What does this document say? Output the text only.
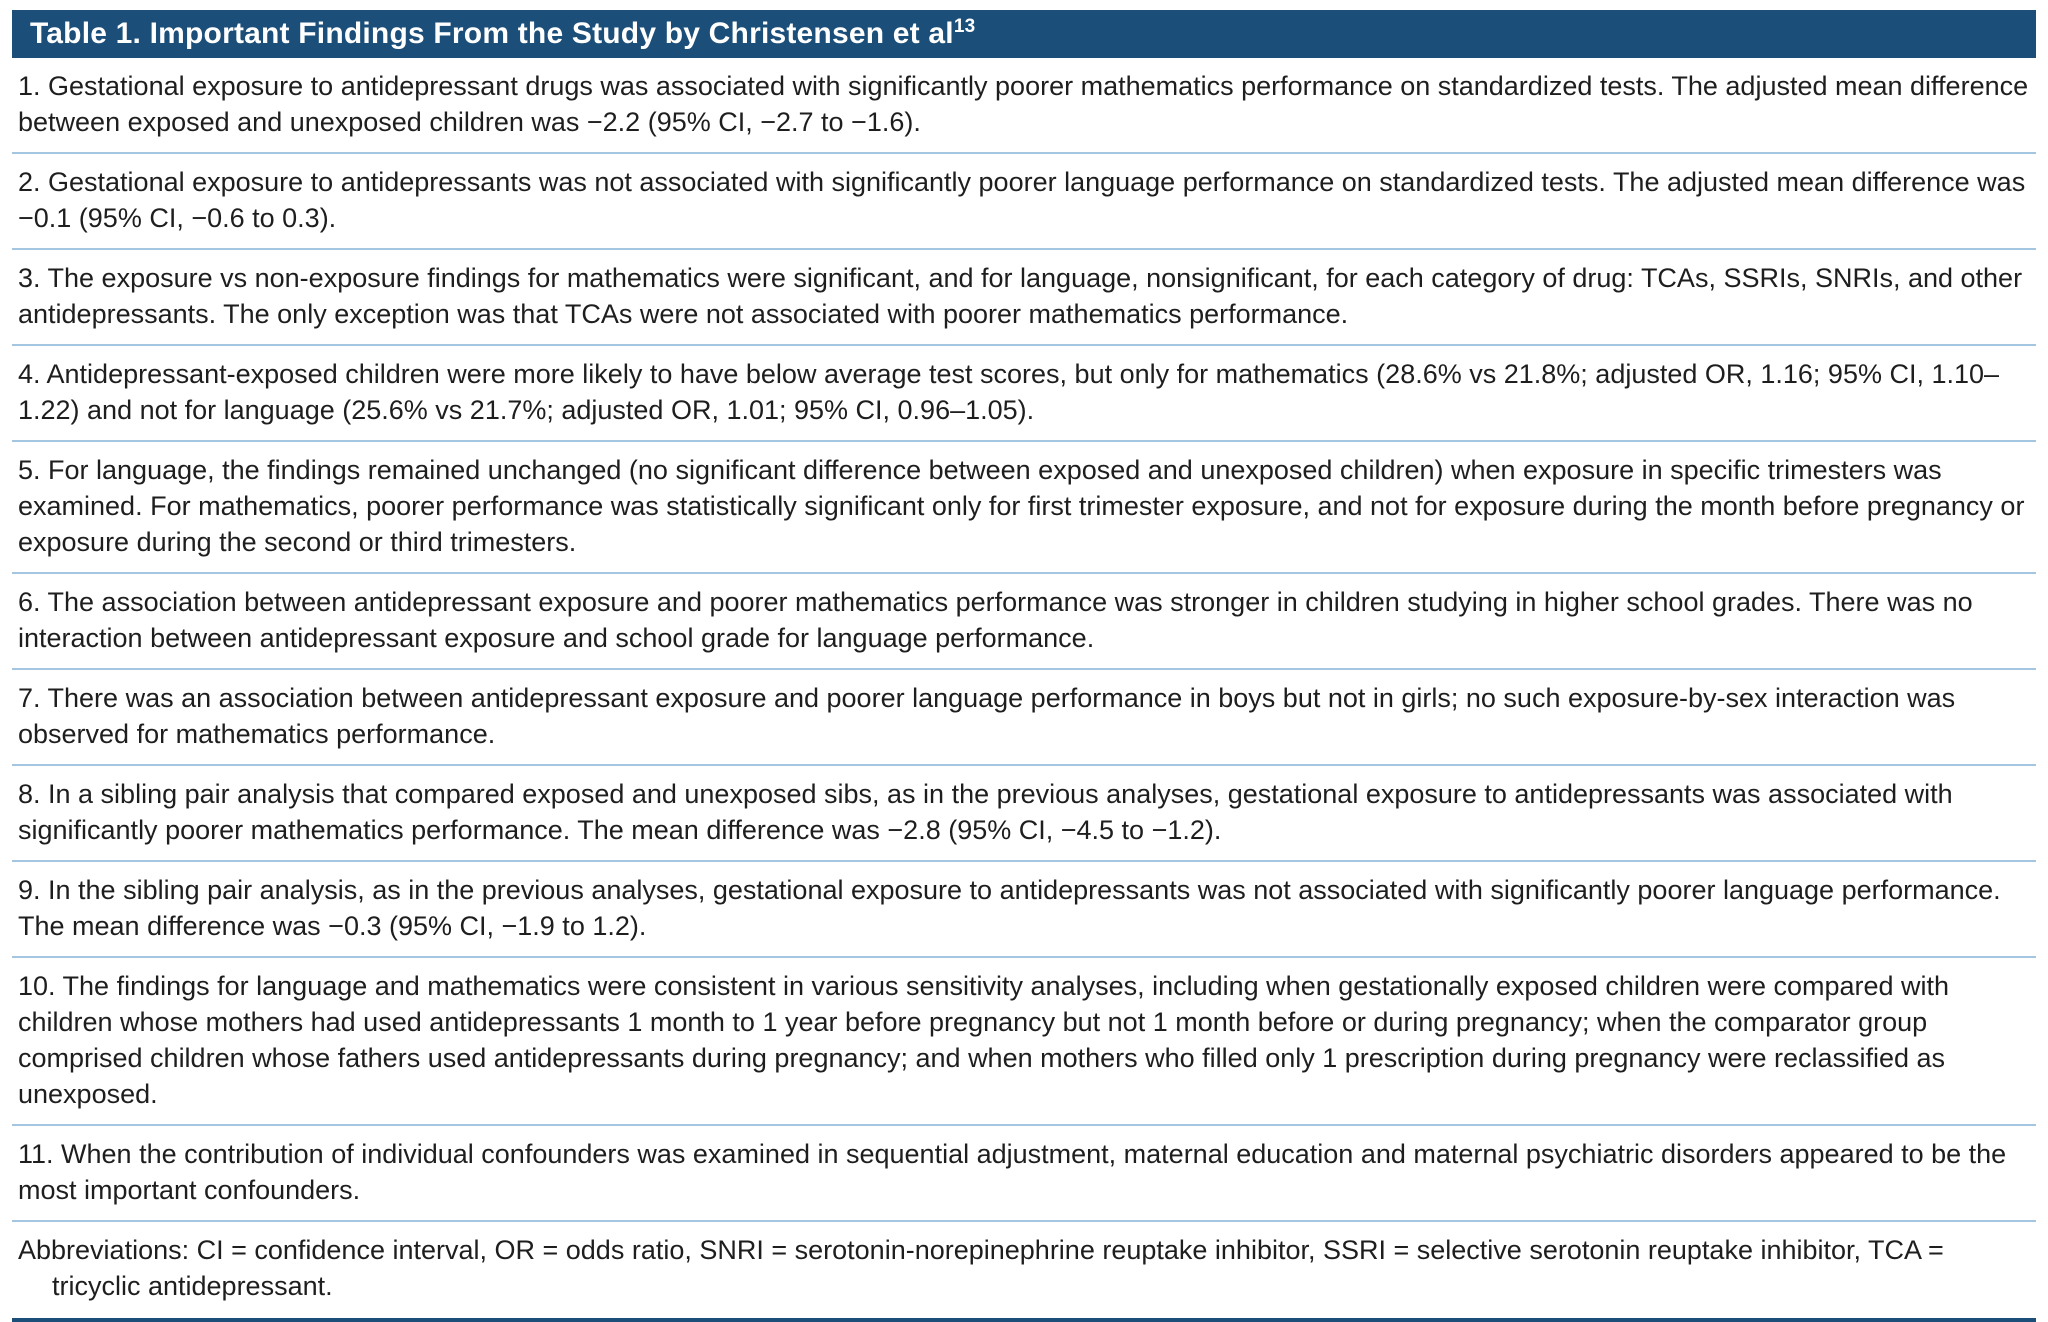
Table 1. Important Findings From the Study by Christensen et $al^{13}$
1. Gestational exposure to antidepressant drugs was associated with significantly poorer mathematics performance on standardized tests. The adjusted mean difference between exposed and unexposed children was −2.2 (95% CI, −2.7 to −1.6).
2. Gestational exposure to antidepressants was not associated with significantly poorer language performance on standardized tests. The adjusted mean difference was −0.1 (95% CI, −0.6 to 0.3).
3. The exposure vs non-exposure findings for mathematics were significant, and for language, nonsignificant, for each category of drug: TCAs, SSRIs, SNRIs, and other antidepressants. The only exception was that TCAs were not associated with poorer mathematics performance.
4. Antidepressant-exposed children were more likely to have below average test scores, but only for mathematics (28.6% vs 21.8%; adjusted OR, 1.16; 95% CI, 1.10–1.22) and not for language (25.6% vs 21.7%; adjusted OR, 1.01; 95% CI, 0.96–1.05).
5. For language, the findings remained unchanged (no significant difference between exposed and unexposed children) when exposure in specific trimesters was examined. For mathematics, poorer performance was statistically significant only for first trimester exposure, and not for exposure during the month before pregnancy or exposure during the second or third trimesters.
6. The association between antidepressant exposure and poorer mathematics performance was stronger in children studying in higher school grades. There was no interaction between antidepressant exposure and school grade for language performance.
7. There was an association between antidepressant exposure and poorer language performance in boys but not in girls; no such exposure-by-sex interaction was observed for mathematics performance.
8. In a sibling pair analysis that compared exposed and unexposed sibs, as in the previous analyses, gestational exposure to antidepressants was associated with significantly poorer mathematics performance. The mean difference was −2.8 (95% CI, −4.5 to −1.2).
9. In the sibling pair analysis, as in the previous analyses, gestational exposure to antidepressants was not associated with significantly poorer language performance. The mean difference was −0.3 (95% CI, −1.9 to 1.2).
10. The findings for language and mathematics were consistent in various sensitivity analyses, including when gestationally exposed children were compared with children whose mothers had used antidepressants 1 month to 1 year before pregnancy but not 1 month before or during pregnancy; when the comparator group comprised children whose fathers used antidepressants during pregnancy; and when mothers who filled only 1 prescription during pregnancy were reclassified as unexposed.
11. When the contribution of individual confounders was examined in sequential adjustment, maternal education and maternal psychiatric disorders appeared to be the most important confounders.
Abbreviations: CI = confidence interval, OR = odds ratio, SNRI = serotonin-norepinephrine reuptake inhibitor, SSRI = selective serotonin reuptake inhibitor, TCA = tricyclic antidepressant.
